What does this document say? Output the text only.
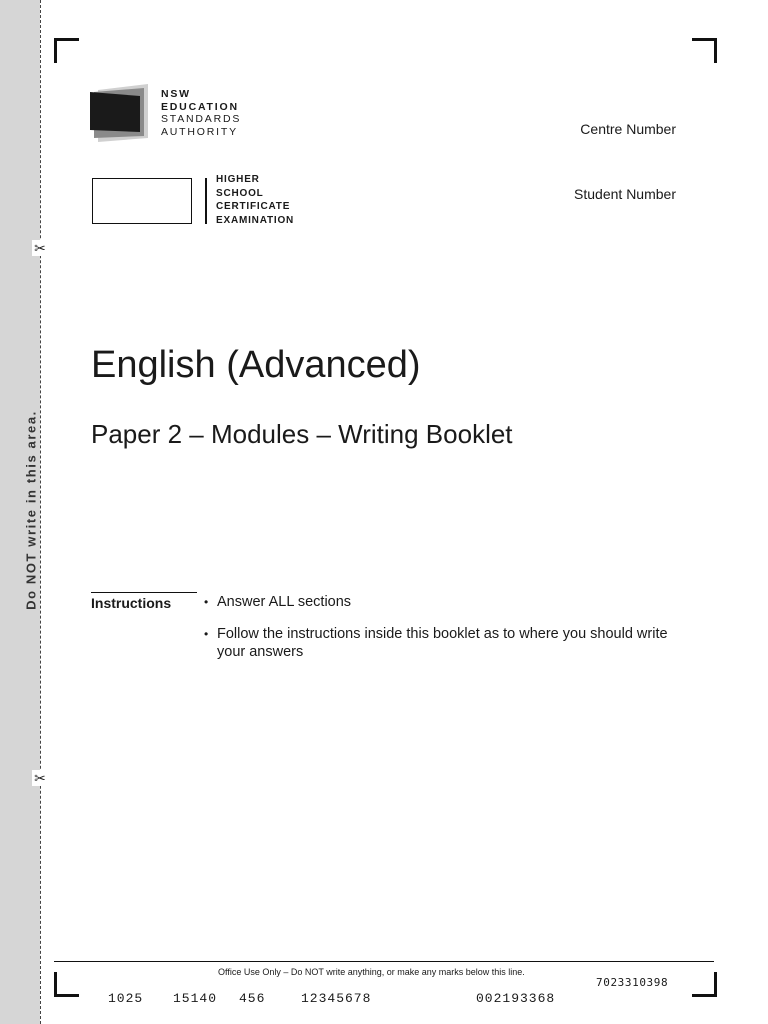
✂
✂
Do NOT write in this area.
NSW
EDUCATION
STANDARDS
AUTHORITY
HIGHER
SCHOOL
CERTIFICATE
EXAMINATION
Centre Number
Student Number
English (Advanced)
Paper 2 – Modules – Writing Booklet
Instructions	• Answer ALL sections
• Follow the instructions inside this booklet as to where you should write your answers
Office Use Only – Do NOT write anything, or make any marks below this line.
7023310398
1025 15140 456	12345678	002193368
